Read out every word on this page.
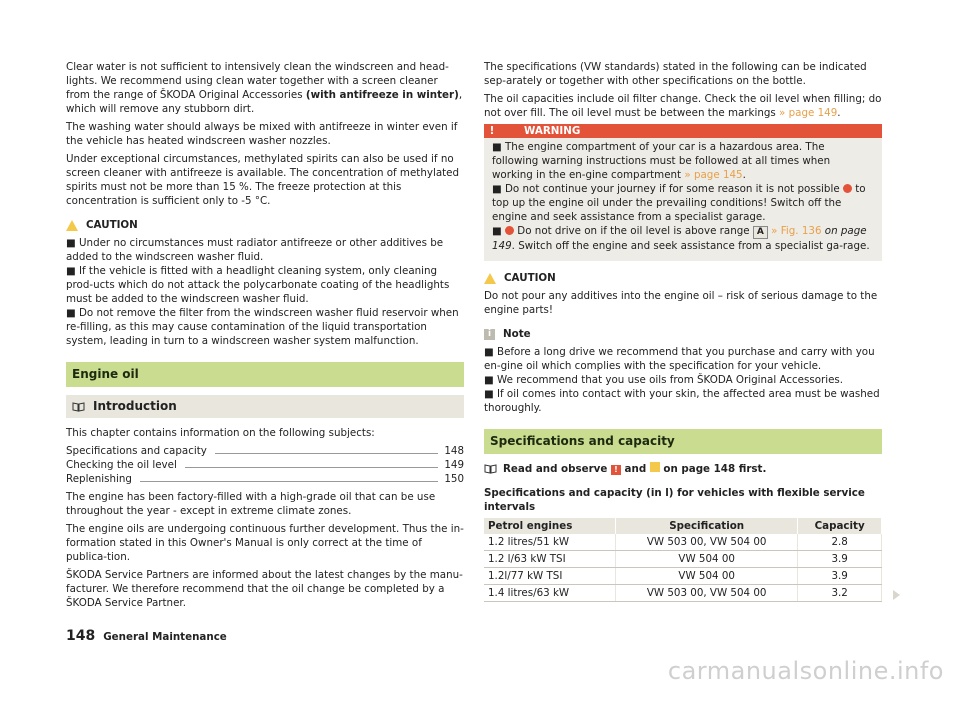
Clear water is not sufficient to intensively clean the windscreen and head-lights. We recommend using clean water together with a screen cleaner from the range of ŠKODA Original Accessories (with antifreeze in winter), which will remove any stubborn dirt.

The washing water should always be mixed with antifreeze in winter even if the vehicle has heated windscreen washer nozzles.

Under exceptional circumstances, methylated spirits can also be used if no screen cleaner with antifreeze is available. The concentration of methylated spirits must not be more than 15 %. The freeze protection at this concentration is sufficient only to -5 °C.

CAUTION

■ Under no circumstances must radiator antifreeze or other additives be added to the windscreen washer fluid.

■ If the vehicle is fitted with a headlight cleaning system, only cleaning prod-ucts which do not attack the polycarbonate coating of the headlights must be added to the windscreen washer fluid.

■ Do not remove the filter from the windscreen washer fluid reservoir when re-filling, as this may cause contamination of the liquid transportation system, leading in turn to a windscreen washer system malfunction.

Engine oil
Introduction

This chapter contains information on the following subjects:

Specifications and capacity	148
Checking the oil level	149
Replenishing	150

The engine has been factory-filled with a high-grade oil that can be use throughout the year - except in extreme climate zones.

The engine oils are undergoing continuous further development. Thus the in-formation stated in this Owner's Manual is only correct at the time of publica-tion.

ŠKODA Service Partners are informed about the latest changes by the manu-facturer. We therefore recommend that the oil change be completed by a ŠKODA Service Partner.

The specifications (VW standards) stated in the following can be indicated sep-arately or together with other specifications on the bottle.

The oil capacities include oil filter change. Check the oil level when filling; do not over fill. The oil level must be between the markings » page 149.

!	WARNING

■ The engine compartment of your car is a hazardous area. The following warning instructions must be followed at all times when working in the en-gine compartment » page 145.

■ Do not continue your journey if for some reason it is not possible  to top up the engine oil under the prevailing conditions! Switch off the engine and seek assistance from a specialist garage.

■  Do not drive on if the oil level is above range A » Fig. 136 on page 149. Switch off the engine and seek assistance from a specialist ga-rage.

CAUTION

Do not pour any additives into the engine oil – risk of serious damage to the engine parts!

i	Note

■ Before a long drive we recommend that you purchase and carry with you en-gine oil which complies with the specification for your vehicle.

■ We recommend that you use oils from ŠKODA Original Accessories.

■ If oil comes into contact with your skin, the affected area must be washed thoroughly.

Specifications and capacity
Read and observe ! and  on page 148 first.

Specifications and capacity (in l) for vehicles with flexible service intervals

Petrol engines	Specification	Capacity
1.2 litres/51 kW	VW 503 00, VW 504 00	2.8
1.2 l/63 kW TSI	VW 504 00	3.9
1.2l/77 kW TSI	VW 504 00	3.9
1.4 litres/63 kW	VW 503 00, VW 504 00	3.2
148 General Maintenance
carmanualsonline.info
